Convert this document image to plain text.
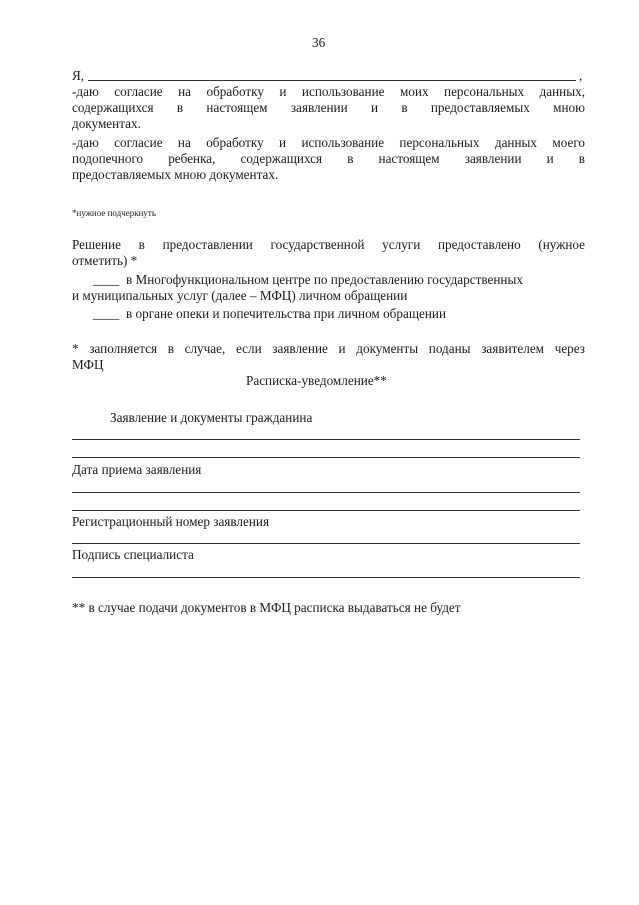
36
Я,	,
-даю согласие на обработку и использование моих персональных данных,
содержащихся в настоящем заявлении и в предоставляемых мною
документах.
-даю согласие на обработку и использование персональных данных моего
подопечного ребенка, содержащихся в настоящем заявлении и в
предоставляемых мною документах.
*нужное подчеркнуть
Решение в предоставлении государственной услуги предоставлено (нужное
отметить) *
____ в Многофункциональном центре по предоставлению государственных
и муниципальных услуг (далее – МФЦ) личном обращении
____ в органе опеки и попечительства при личном обращении
* заполняется в случае, если заявление и документы поданы заявителем через
МФЦ
Расписка-уведомление**
Заявление и документы гражданина
Дата приема заявления
Регистрационный номер заявления
Подпись специалиста
** в случае подачи документов в МФЦ расписка выдаваться не будет
